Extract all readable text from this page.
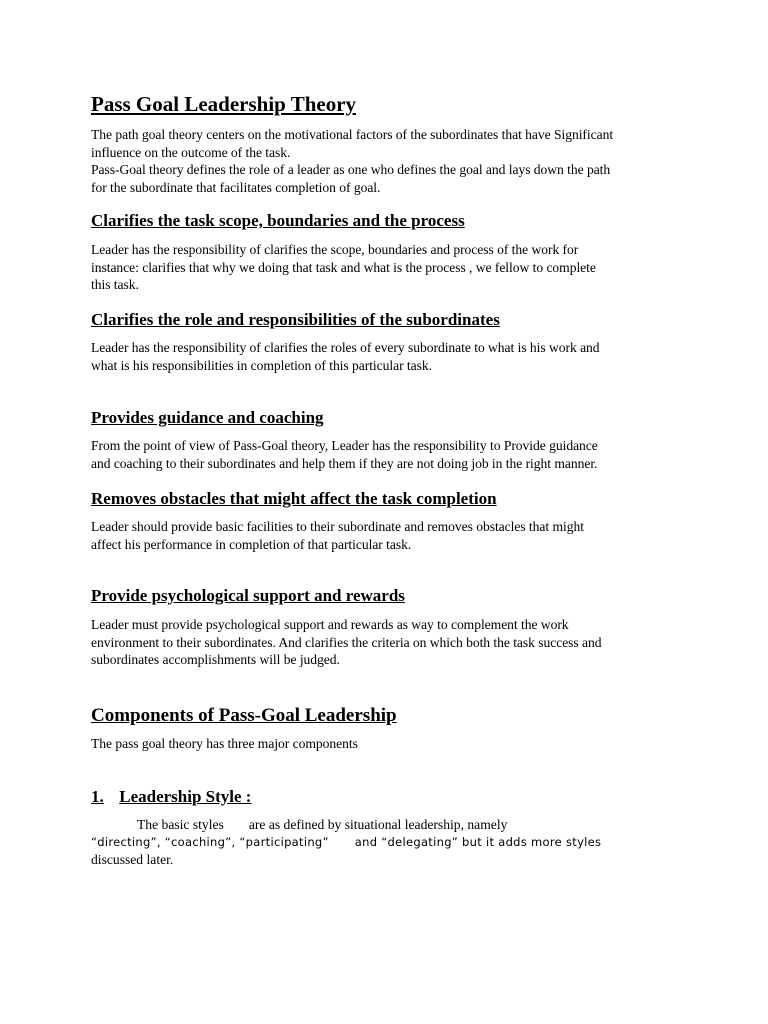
Pass Goal Leadership Theory

The path goal theory centers on the motivational factors of the subordinates that have Significant
influence on the outcome of the task.
Pass-Goal theory defines the role of a leader as one who defines the goal and lays down the path
for the subordinate that facilitates completion of goal.

Clarifies the task scope, boundaries and the process

Leader has the responsibility of clarifies the scope, boundaries and process of the work for
instance: clarifies that why we doing that task and what is the process , we fellow to complete
this task.

Clarifies the role and responsibilities of the subordinates

Leader has the responsibility of clarifies the roles of every subordinate to what is his work and
what is his responsibilities in completion of this particular task.

Provides guidance and coaching

From the point of view of Pass-Goal theory, Leader has the responsibility to Provide guidance
and coaching to their subordinates and help them if they are not doing job in the right manner.

Removes obstacles that might affect the task completion

Leader should provide basic facilities to their subordinate and removes obstacles that might
affect his performance in completion of that particular task.

Provide psychological support and rewards

Leader must provide psychological support and rewards as way to complement the work
environment to their subordinates. And clarifies the criteria on which both the task success and
subordinates accomplishments will be judged.

Components of Pass-Goal Leadership

The pass goal theory has three major components

1. Leadership Style :
The basic styles are as defined by situational leadership, namely
“directing”, “coaching”, “participating” and “delegating” but it adds more styles
discussed later.
